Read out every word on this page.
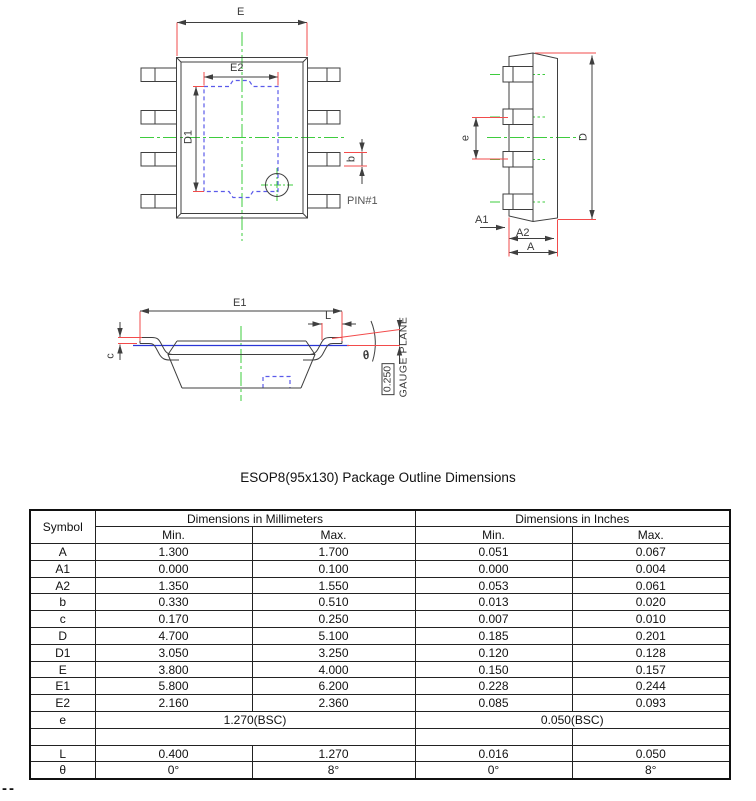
E
E2
D1
b
PIN#1
e	D
A1
A2
A
E1
L
c	θ
0.250 GAUGE PLANE
ESOP8(95x130) Package Outline Dimensions
Symbol	Dimensions in Millimeters		Dimensions in Inches	
	Min.	Max.	Min.	Max.
A	1.300	1.700	0.051	0.067
A1	0.000	0.100	0.000	0.004
A2	1.350	1.550	0.053	0.061
b	0.330	0.510	0.013	0.020
c	0.170	0.250	0.007	0.010
D	4.700	5.100	0.185	0.201
D1	3.050	3.250	0.120	0.128
E	3.800	4.000	0.150	0.157
E1	5.800	6.200	0.228	0.244
E2	2.160	2.360	0.085	0.093
e	1.270(BSC)		0.050(BSC)	

L	0.400	1.270	0.016	0.050
θ	0°	8°	0°	8°
--
